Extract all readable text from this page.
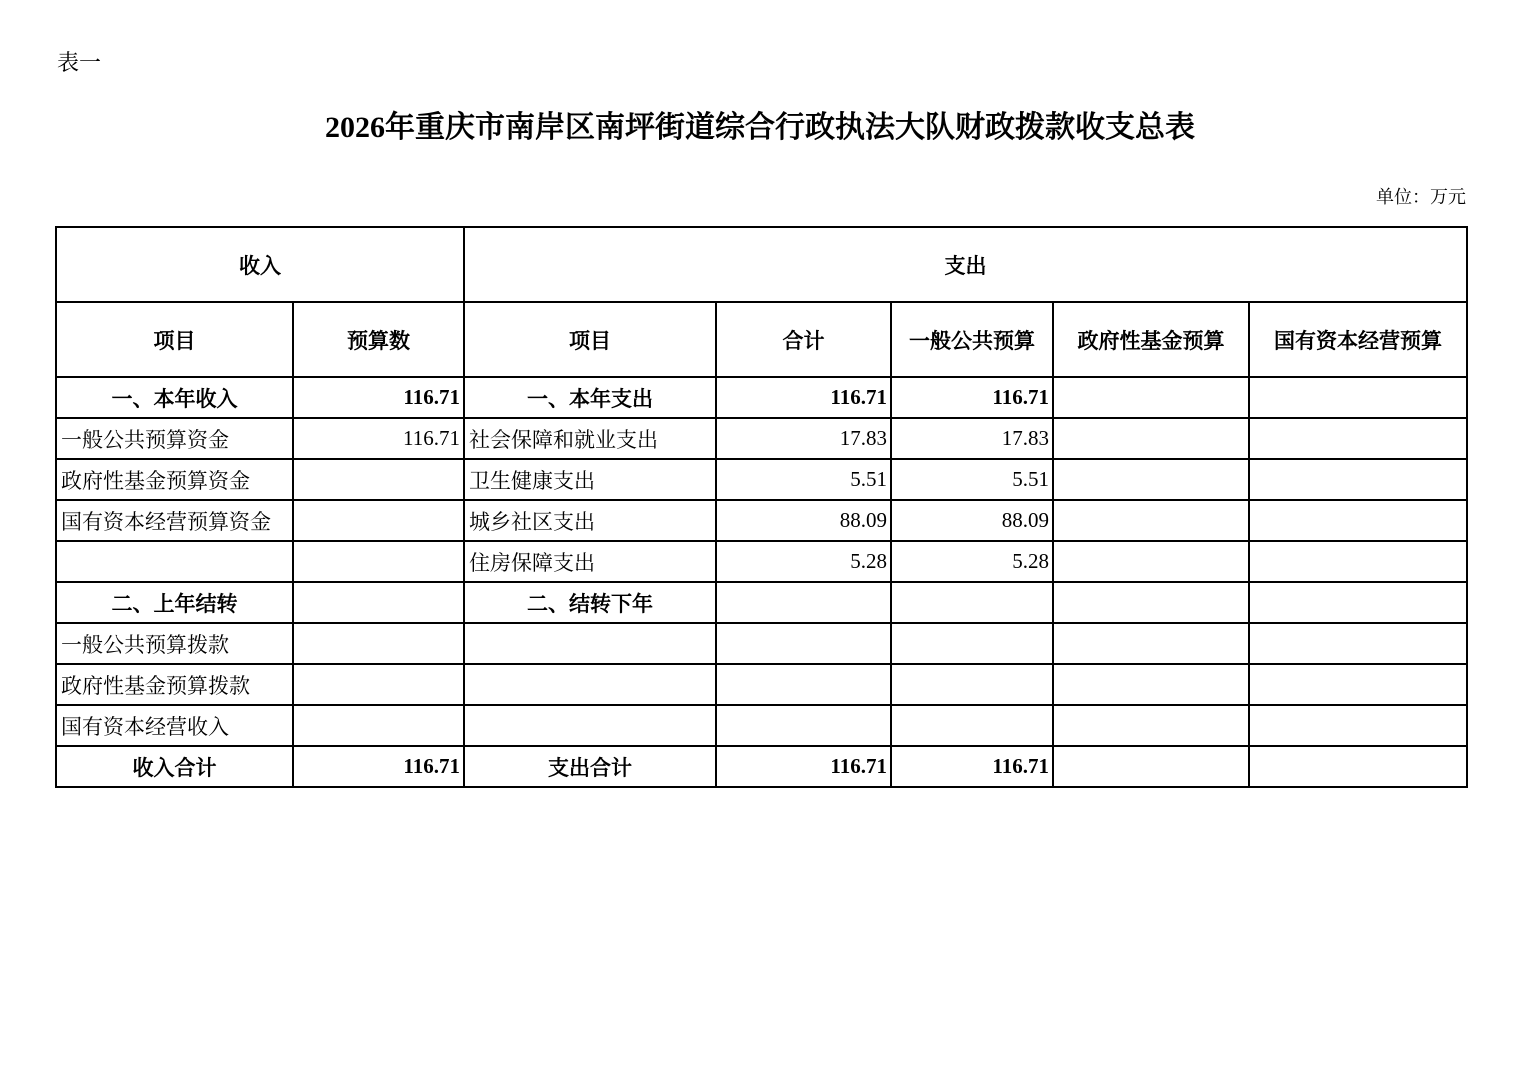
表一
2026年重庆市南岸区南坪街道综合行政执法大队财政拨款收支总表
单位：万元
收入		支出				
项目	预算数	项目	合计	一般公共预算	政府性基金预算	国有资本经营预算
一、本年收入	116.71	一、本年支出	116.71	116.71		
一般公共预算资金	116.71	社会保障和就业支出	17.83	17.83		
政府性基金预算资金		卫生健康支出	5.51	5.51		
国有资本经营预算资金		城乡社区支出	88.09	88.09		
		住房保障支出	5.28	5.28		
二、上年结转		二、结转下年				
一般公共预算拨款						
政府性基金预算拨款						
国有资本经营收入						
收入合计	116.71	支出合计	116.71	116.71		
